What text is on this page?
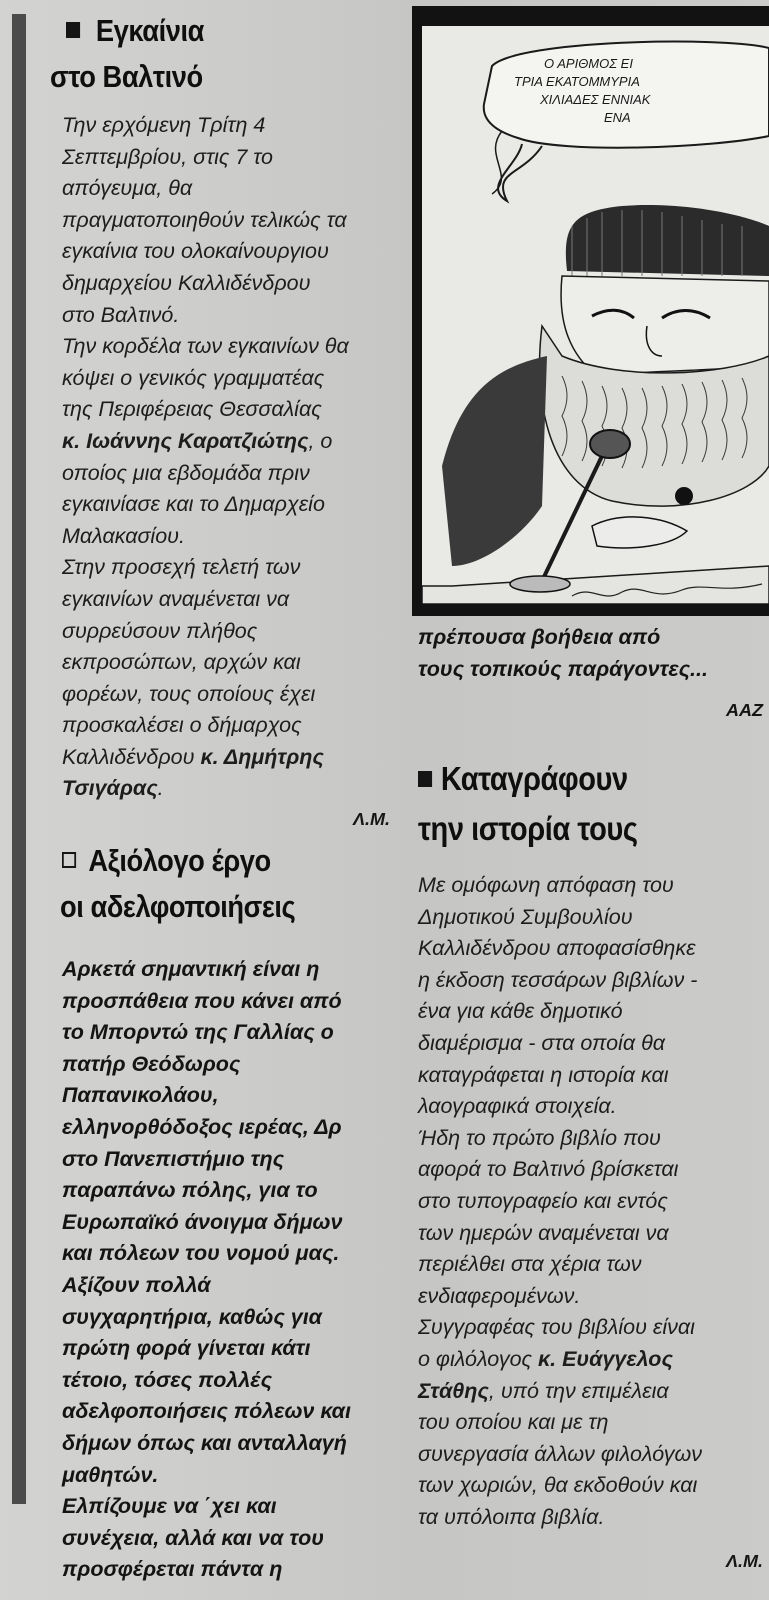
Εγκαίνια
στο Βαλτινό

Την ερχόμενη Τρίτη 4
Σεπτεμβρίου, στις 7 το
απόγευμα, θα
πραγματοποιηθούν τελικώς τα
εγκαίνια του ολοκαίνουργιου
δημαρχείου Καλλιδένδρου
στο Βαλτινό.

Την κορδέλα των εγκαινίων θα
κόψει ο γενικός γραμματέας
της Περιφέρειας Θεσσαλίας
κ. Ιωάννης Καρατζιώτης, ο
οποίος μια εβδομάδα πριν
εγκαινίασε και το Δημαρχείο
Μαλακασίου.

Στην προσεχή τελετή των
εγκαινίων αναμένεται να
συρρεύσουν πλήθος
εκπροσώπων, αρχών και
φορέων, τους οποίους έχει
προσκαλέσει ο δήμαρχος
Καλλιδένδρου κ. Δημήτρης
Τσιγάρας.

Λ.Μ.

Αξιόλογο έργο
οι αδελφοποιήσεις
Αρκετά σημαντική είναι η
προσπάθεια που κάνει από
το Μπορντώ της Γαλλίας ο
πατήρ Θεόδωρος
Παπανικολάου,
ελληνορθόδοξος ιερέας, Δρ
στο Πανεπιστήμιο της
παραπάνω πόλης, για το
Ευρωπαϊκό άνοιγμα δήμων
και πόλεων του νομού μας.
Αξίζουν πολλά
συγχαρητήρια, καθώς για
πρώτη φορά γίνεται κάτι
τέτοιο, τόσες πολλές
αδελφοποιήσεις πόλεων και
δήμων όπως και ανταλλαγή
μαθητών.
Ελπίζουμε να ΄χει και
συνέχεια, αλλά και να του
προσφέρεται πάντα η
Ο ΑΡΙΘΜΟΣ ΕΙ
ΤΡΙΑ ΕΚΑΤΟΜΜΥΡΙΑ
ΧΙΛΙΑΔΕΣ ΕΝΝΙΑΚ
ΕΝΑ
πρέπουσα βοήθεια από
τους τοπικούς παράγοντες...

ΑΑΖ

Καταγράφουν
την ιστορία τους

Με ομόφωνη απόφαση του
Δημοτικού Συμβουλίου
Καλλιδένδρου αποφασίσθηκε
η έκδοση τεσσάρων βιβλίων -
ένα για κάθε δημοτικό
διαμέρισμα - στα οποία θα
καταγράφεται η ιστορία και
λαογραφικά στοιχεία.

Ήδη το πρώτο βιβλίο που
αφορά το Βαλτινό βρίσκεται
στο τυπογραφείο και εντός
των ημερών αναμένεται να
περιέλθει στα χέρια των
ενδιαφερομένων.

Συγγραφέας του βιβλίου είναι
ο φιλόλογος κ. Ευάγγελος
Στάθης, υπό την επιμέλεια
του οποίου και με τη
συνεργασία άλλων φιλολόγων
των χωριών, θα εκδοθούν και
τα υπόλοιπα βιβλία.

Λ.Μ.
